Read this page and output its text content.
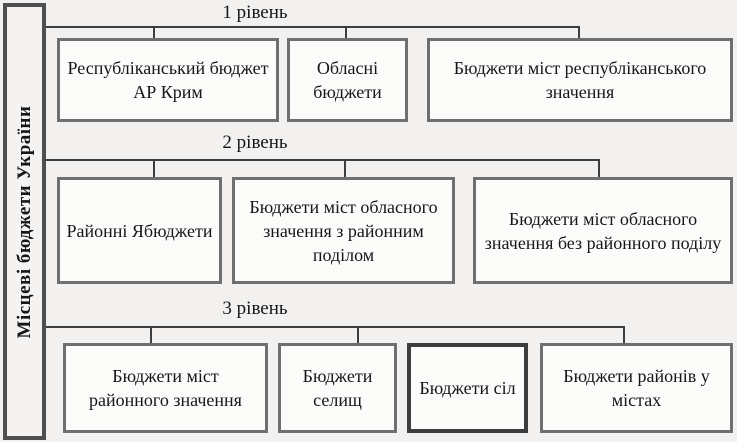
Місцеві бюджети України
1 рівень
2 рівень
3 рівень
Республіканський бюджет АР Крим
Обласні бюджети
Бюджети міст республіканського значення
Районні Ябюджети
Бюджети міст обласного значення з районним поділом
Бюджети міст обласного значення без районного поділу
Бюджети міст районного значення
Бюджети селищ
Бюджети сіл
Бюджети районів у містах
